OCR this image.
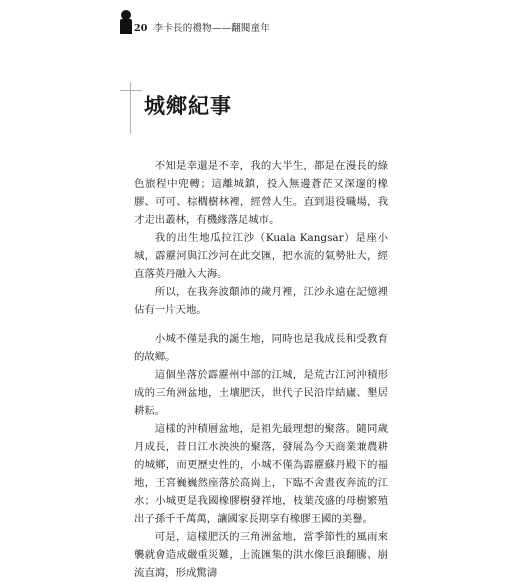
20 李卡長的禮物——翻閱童年
城鄉紀事

不知是幸還是不幸，我的大半生，都是在漫長的綠色旅程中兜轉；這離城鎮，投入無邊蒼茫又深邃的橡膠、可可、棕櫚樹林裡，經營人生。直到退役職場，我才走出叢林，有機緣落足城市。

我的出生地瓜拉江沙（Kuala Kangsar）是座小城，霹靂河與江沙河在此交匯，把水流的氣勢壯大，經直落英丹融入大海。

所以，在我奔波顛沛的歲月裡，江沙永遠在記憶裡佔有一片天地。

小城不僅是我的誕生地，同時也是我成長和受教育的故鄉。

這個坐落於霹靂州中部的江城，是荒古江河沖積形成的三角洲盆地，土壤肥沃，世代子民沿岸結廬、墾居耕耘。

這樣的沖積層盆地，是祖先最理想的聚落。隨同歲月成長，昔日江水泱泱的聚落，發展為今天商業兼農耕的城鄉，而更歷史性的，小城不僅為霹靂蘇丹殿下的福地，王宮巍巍然座落於高崗上，下臨不舍晝夜奔流的江水；小城更是我國橡膠樹發祥地，枝葉茂盛的母樹繁殖出子孫千千萬萬，讓國家長期享有橡膠王國的美譽。

可是，這樣肥沃的三角洲盆地，當季節性的風雨來襲就會造成嚴重災難，上流匯集的洪水像巨浪翻騰、崩流直瀉，形成驚濤
